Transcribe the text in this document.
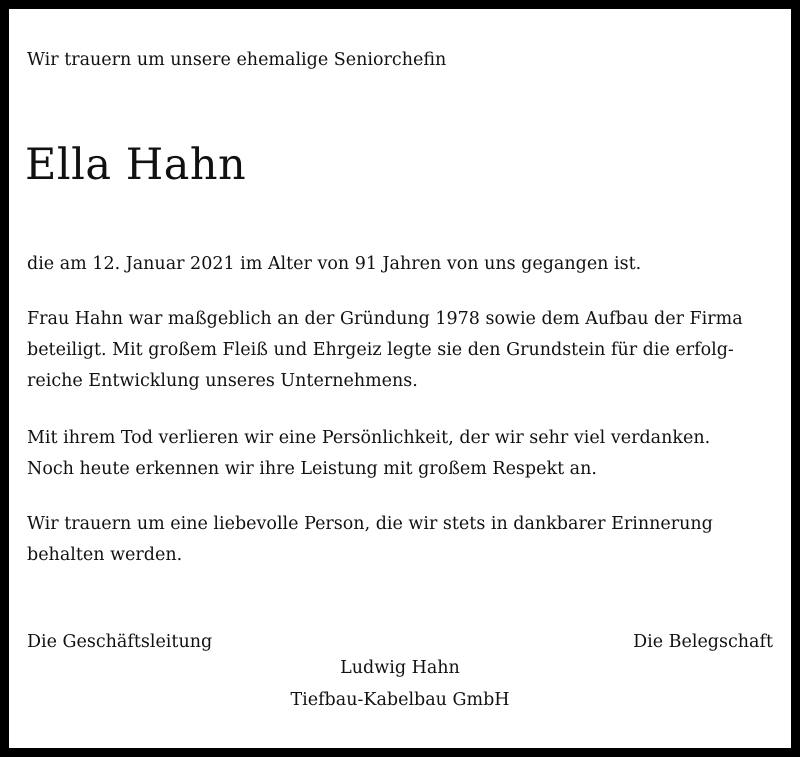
Wir trauern um unsere ehemalige Seniorchefin
Ella Hahn
die am 12. Januar 2021 im Alter von 91 Jahren von uns gegangen ist.
Frau Hahn war maßgeblich an der Gründung 1978 sowie dem Aufbau der Firma
beteiligt. Mit großem Fleiß und Ehrgeiz legte sie den Grundstein für die erfolg-
reiche Entwicklung unseres Unternehmens.
Mit ihrem Tod verlieren wir eine Persönlichkeit, der wir sehr viel verdanken.
Noch heute erkennen wir ihre Leistung mit großem Respekt an.
Wir trauern um eine liebevolle Person, die wir stets in dankbarer Erinnerung
behalten werden.
Die Geschäftsleitung	Die Belegschaft
Ludwig Hahn
Tiefbau-Kabelbau GmbH
